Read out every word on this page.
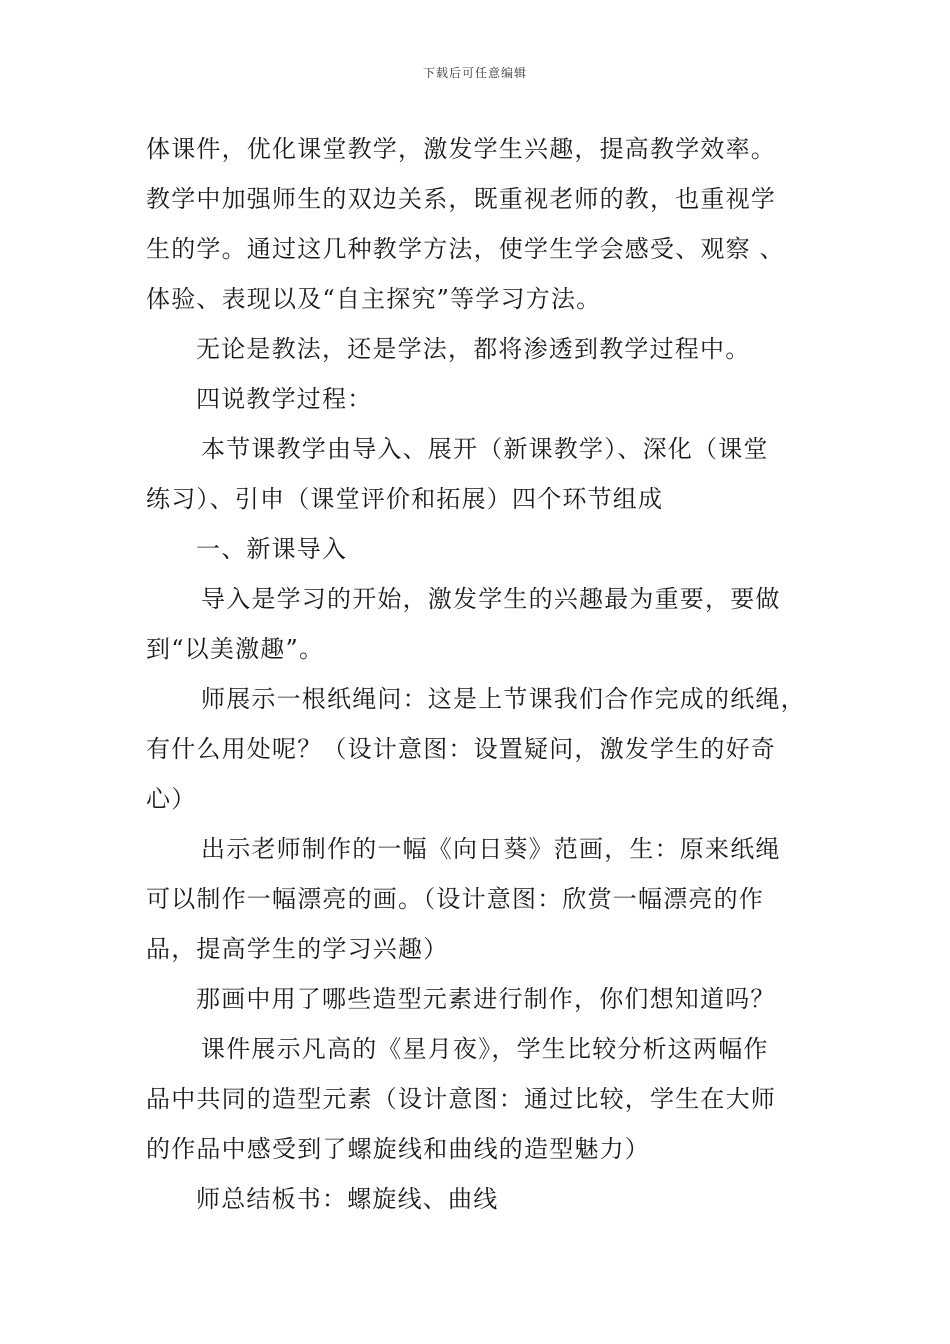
下载后可任意编辑
体课件，优化课堂教学，激发学生兴趣，提高教学效率。
教学中加强师生的双边关系，既重视老师的教，也重视学
生的学。通过这几种教学方法，使学生学会感受、观察 、
体验、表现以及“自主探究”等学习方法。
无论是教法，还是学法，都将渗透到教学过程中。
四说教学过程：
本节课教学由导入、展开（新课教学）、深化（课堂
练习）、引申（课堂评价和拓展）四个环节组成
一、新课导入
导入是学习的开始，激发学生的兴趣最为重要，要做
到“以美激趣”。
师展示一根纸绳问：这是上节课我们合作完成的纸绳，
有什么用处呢？（设计意图：设置疑问，激发学生的好奇
心）
出示老师制作的一幅《向日葵》范画，生：原来纸绳
可以制作一幅漂亮的画。（设计意图：欣赏一幅漂亮的作
品，提高学生的学习兴趣）
那画中用了哪些造型元素进行制作，你们想知道吗？
课件展示凡高的《星月夜》，学生比较分析这两幅作
品中共同的造型元素（设计意图：通过比较，学生在大师
的作品中感受到了螺旋线和曲线的造型魅力）
师总结板书：螺旋线、曲线
